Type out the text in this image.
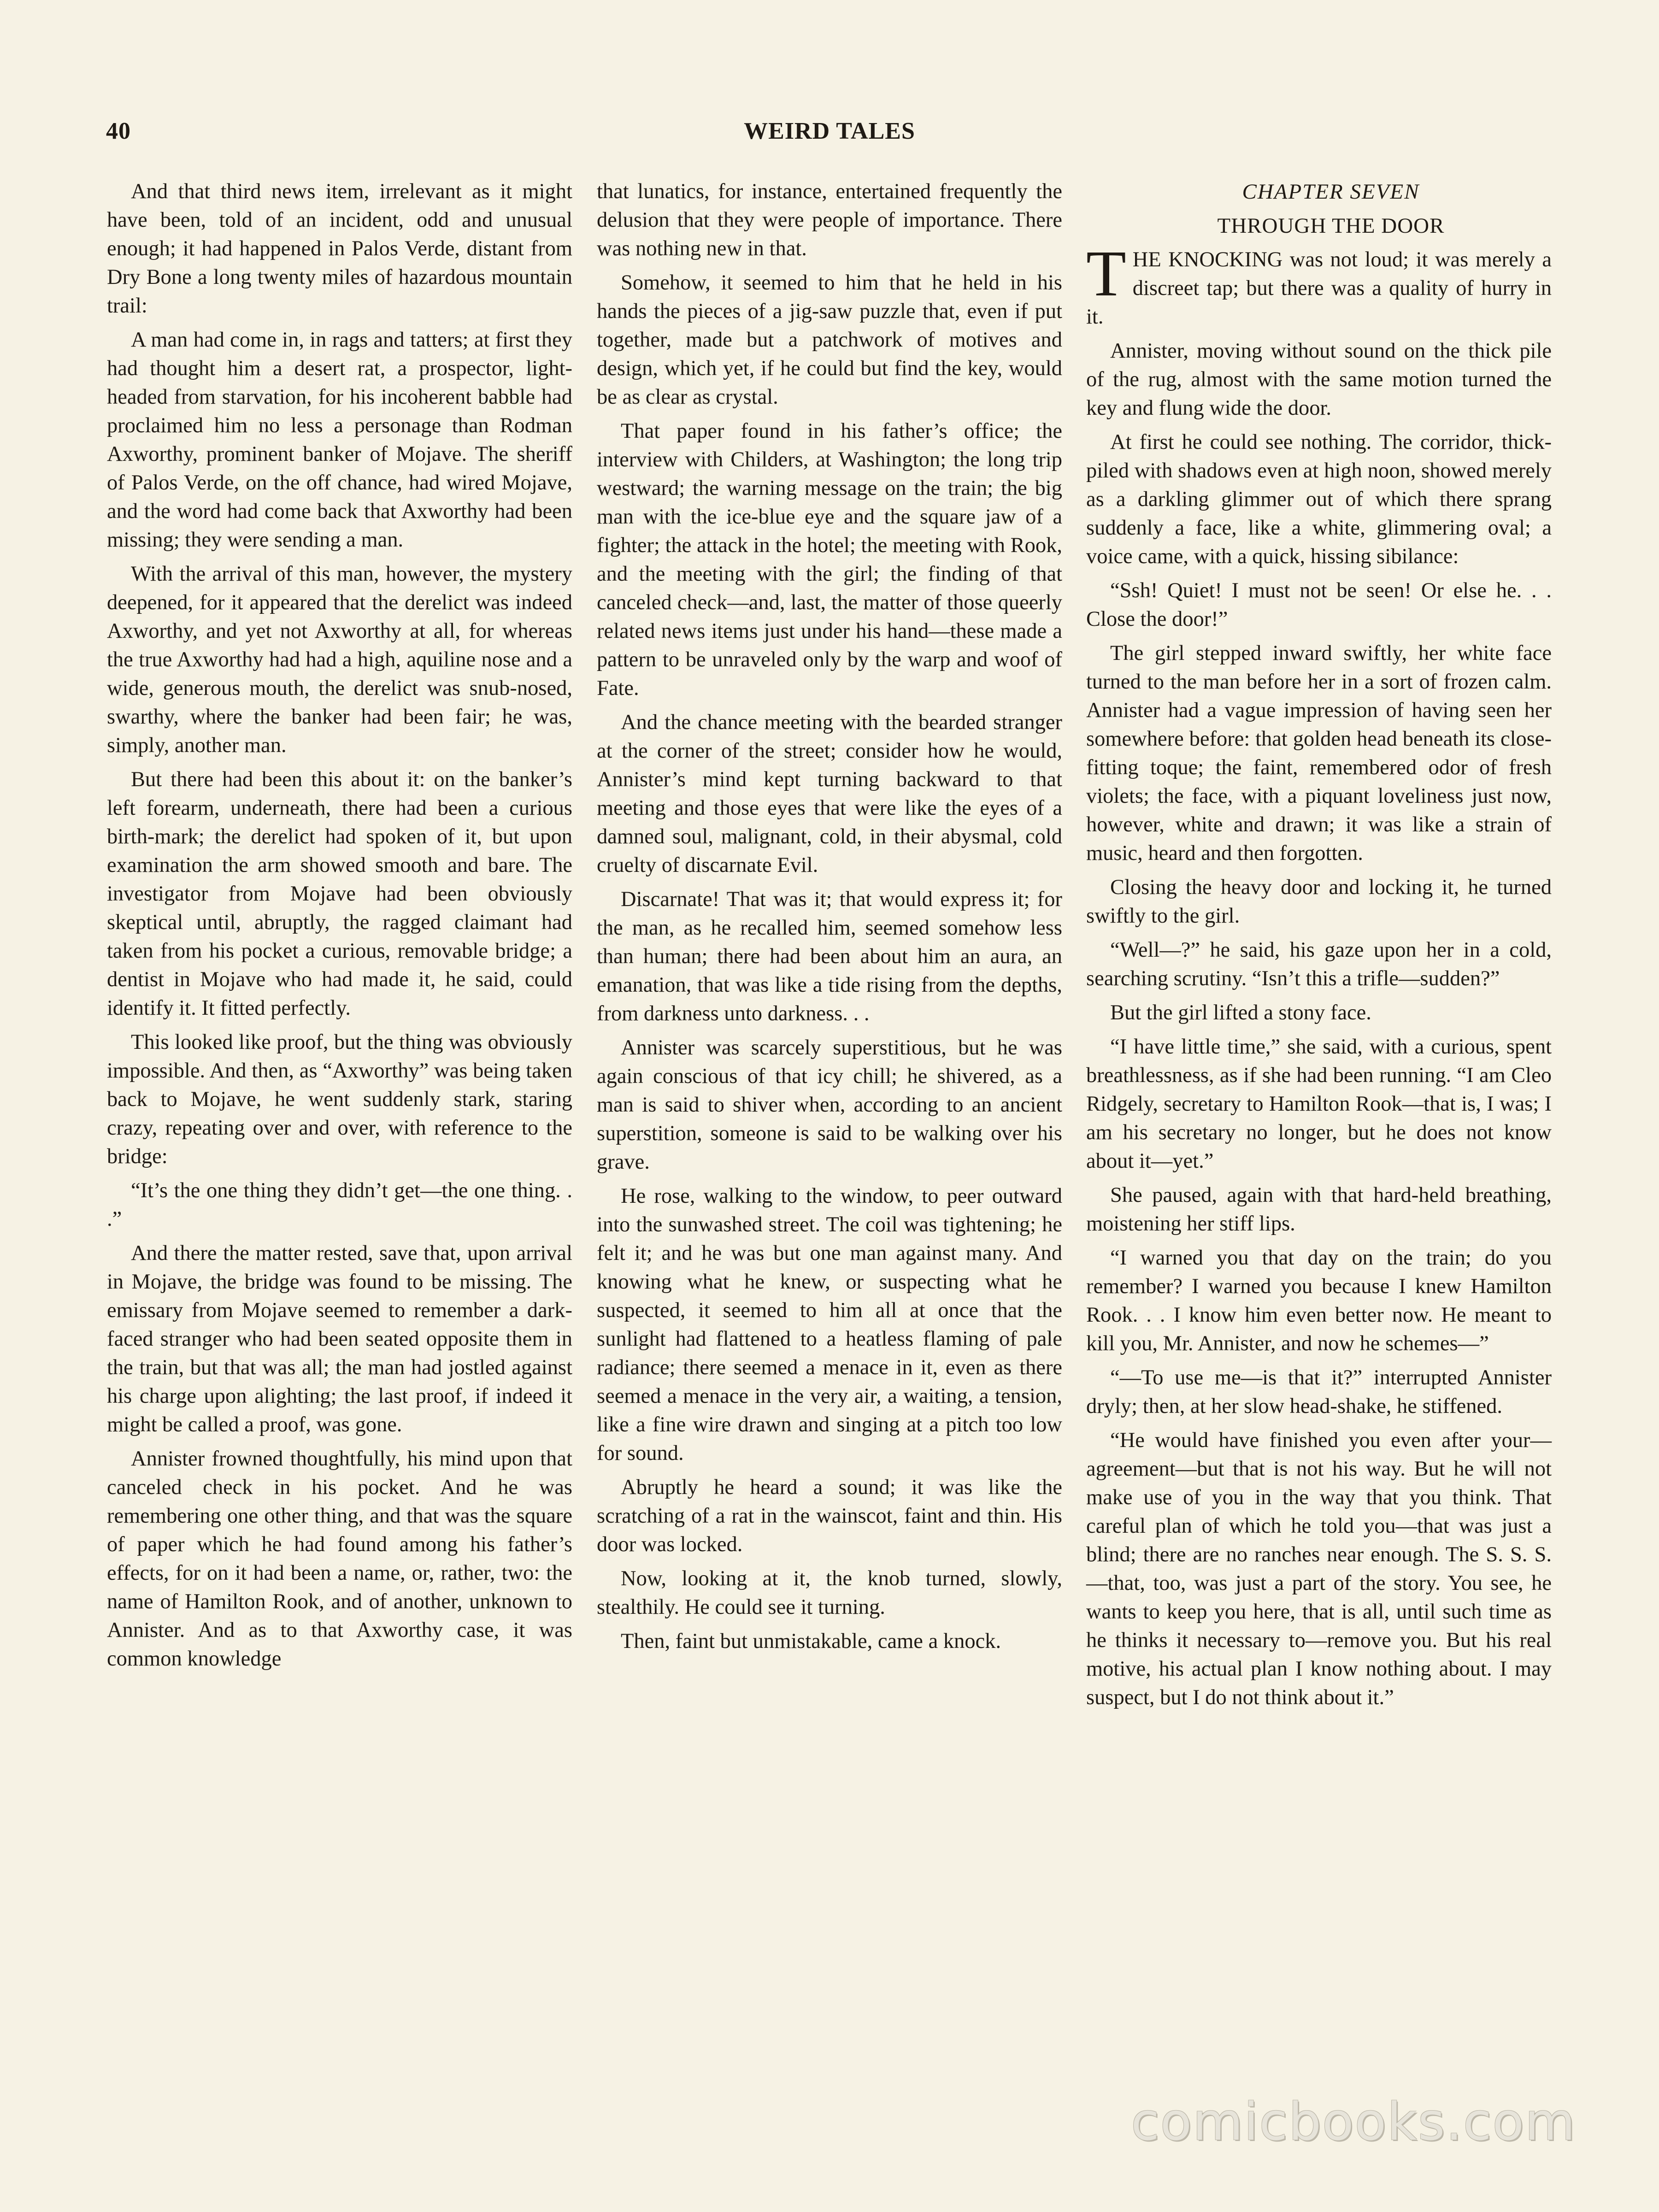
40	WEIRD TALES

And that third news item, irrelevant as it might have been, told of an incident, odd and unusual enough; it had happened in Palos Verde, distant from Dry Bone a long twenty miles of hazardous mountain trail:

A man had come in, in rags and tatters; at first they had thought him a desert rat, a prospector, light-headed from starvation, for his incoherent babble had proclaimed him no less a personage than Rodman Axworthy, prominent banker of Mojave. The sheriff of Palos Verde, on the off chance, had wired Mojave, and the word had come back that Axworthy had been missing; they were sending a man.

With the arrival of this man, however, the mystery deepened, for it appeared that the derelict was indeed Axworthy, and yet not Axworthy at all, for whereas the true Axworthy had had a high, aquiline nose and a wide, generous mouth, the derelict was snub-nosed, swarthy, where the banker had been fair; he was, simply, another man.

But there had been this about it: on the banker’s left forearm, underneath, there had been a curious birth-mark; the derelict had spoken of it, but upon examination the arm showed smooth and bare. The investigator from Mojave had been obviously skeptical until, abruptly, the ragged claimant had taken from his pocket a curious, removable bridge; a dentist in Mojave who had made it, he said, could identify it. It fitted perfectly.

This looked like proof, but the thing was obviously impossible. And then, as “Axworthy” was being taken back to Mojave, he went suddenly stark, staring crazy, repeating over and over, with reference to the bridge:

“It’s the one thing they didn’t get—the one thing. . .”

And there the matter rested, save that, upon arrival in Mojave, the bridge was found to be missing. The emissary from Mojave seemed to remember a dark-faced stranger who had been seated opposite them in the train, but that was all; the man had jostled against his charge upon alighting; the last proof, if indeed it might be called a proof, was gone.

Annister frowned thoughtfully, his mind upon that canceled check in his pocket. And he was remembering one other thing, and that was the square of paper which he had found among his father’s effects, for on it had been a name, or, rather, two: the name of Hamilton Rook, and of another, unknown to Annister. And as to that Axworthy case, it was common knowledge

that lunatics, for instance, entertained frequently the delusion that they were people of importance. There was nothing new in that.

Somehow, it seemed to him that he held in his hands the pieces of a jig-saw puzzle that, even if put together, made but a patchwork of motives and design, which yet, if he could but find the key, would be as clear as crystal.

That paper found in his father’s office; the interview with Childers, at Washington; the long trip westward; the warning message on the train; the big man with the ice-blue eye and the square jaw of a fighter; the attack in the hotel; the meeting with Rook, and the meeting with the girl; the finding of that canceled check—and, last, the matter of those queerly related news items just under his hand—these made a pattern to be unraveled only by the warp and woof of Fate.

And the chance meeting with the bearded stranger at the corner of the street; consider how he would, Annister’s mind kept turning backward to that meeting and those eyes that were like the eyes of a damned soul, malignant, cold, in their abysmal, cold cruelty of discarnate Evil.

Discarnate! That was it; that would express it; for the man, as he recalled him, seemed somehow less than human; there had been about him an aura, an emanation, that was like a tide rising from the depths, from darkness unto darkness. . .

Annister was scarcely superstitious, but he was again conscious of that icy chill; he shivered, as a man is said to shiver when, according to an ancient superstition, someone is said to be walking over his grave.

He rose, walking to the window, to peer outward into the sunwashed street. The coil was tightening; he felt it; and he was but one man against many. And knowing what he knew, or suspecting what he suspected, it seemed to him all at once that the sunlight had flattened to a heatless flaming of pale radiance; there seemed a menace in it, even as there seemed a menace in the very air, a waiting, a tension, like a fine wire drawn and singing at a pitch too low for sound.

Abruptly he heard a sound; it was like the scratching of a rat in the wainscot, faint and thin. His door was locked.

Now, looking at it, the knob turned, slowly, stealthily. He could see it turning.

Then, faint but unmistakable, came a knock.

CHAPTER SEVEN

THROUGH THE DOOR

THE KNOCKING was not loud; it was merely a discreet tap; but there was a quality of hurry in it.

Annister, moving without sound on the thick pile of the rug, almost with the same motion turned the key and flung wide the door.

At first he could see nothing. The corridor, thick-piled with shadows even at high noon, showed merely as a darkling glimmer out of which there sprang suddenly a face, like a white, glimmering oval; a voice came, with a quick, hissing sibilance:

“Ssh! Quiet! I must not be seen! Or else he. . . Close the door!”

The girl stepped inward swiftly, her white face turned to the man before her in a sort of frozen calm. Annister had a vague impression of having seen her somewhere before: that golden head beneath its close-fitting toque; the faint, remembered odor of fresh violets; the face, with a piquant loveliness just now, however, white and drawn; it was like a strain of music, heard and then forgotten.

Closing the heavy door and locking it, he turned swiftly to the girl.

“Well—?” he said, his gaze upon her in a cold, searching scrutiny. “Isn’t this a trifle—sudden?”

But the girl lifted a stony face.

“I have little time,” she said, with a curious, spent breathlessness, as if she had been running. “I am Cleo Ridgely, secretary to Hamilton Rook—that is, I was; I am his secretary no longer, but he does not know about it—yet.”

She paused, again with that hard-held breathing, moistening her stiff lips.

“I warned you that day on the train; do you remember? I warned you because I knew Hamilton Rook. . . I know him even better now. He meant to kill you, Mr. Annister, and now he schemes—”

“—To use me—is that it?” interrupted Annister dryly; then, at her slow head-shake, he stiffened.

“He would have finished you even after your—agreement—but that is not his way. But he will not make use of you in the way that you think. That careful plan of which he told you—that was just a blind; there are no ranches near enough. The S. S. S.—that, too, was just a part of the story. You see, he wants to keep you here, that is all, until such time as he thinks it necessary to—remove you. But his real motive, his actual plan I know nothing about. I may suspect, but I do not think about it.”

comicbooks.com
